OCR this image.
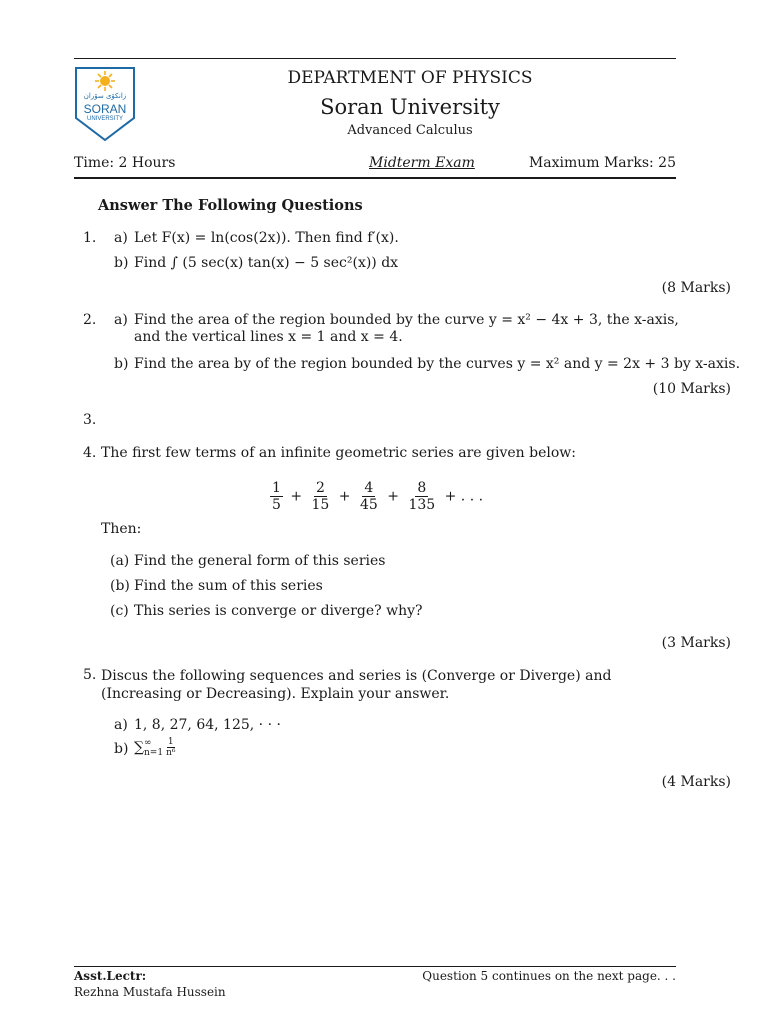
زانكۆى سۆران
SORAN
UNIVERSITY
DEPARTMENT OF PHYSICS
Soran University
Advanced Calculus
Time: 2 Hours	Midterm Exam	Maximum Marks: 25
Answer The Following Questions
1. a) Let F(x) = ln(cos(2x)). Then find f′(x).
b) Find ∫ (5 sec(x) tan(x) − 5 sec²(x)) dx
(8 Marks)
2. a) Find the area of the region bounded by the curve y = x² − 4x + 3, the x-axis, and the vertical lines x = 1 and x = 4.
b) Find the area by of the region bounded by the curves y = x² and y = 2x + 3 by x-axis.
(10 Marks)
3.
4. The first few terms of an infinite geometric series are given below:
$\frac{1}{5} + \frac{2}{15} + \frac{4}{45} + \frac{8}{135}$ + . . .
Then:
(a) Find the general form of this series
(b) Find the sum of this series
(c) This series is converge or diverge? why?
(3 Marks)
5. Discus the following sequences and series is (Converge or Diverge) and (Increasing or Decreasing). Explain your answer.
a) 1, 8, 27, 64, 125, · · ·
b) ∑ ∞
$n=1 \frac{1}{\text{n⁶}}$
(4 Marks)
Asst.Lectr:
Rezhna Mustafa Hussein
Question 5 continues on the next page. . .
